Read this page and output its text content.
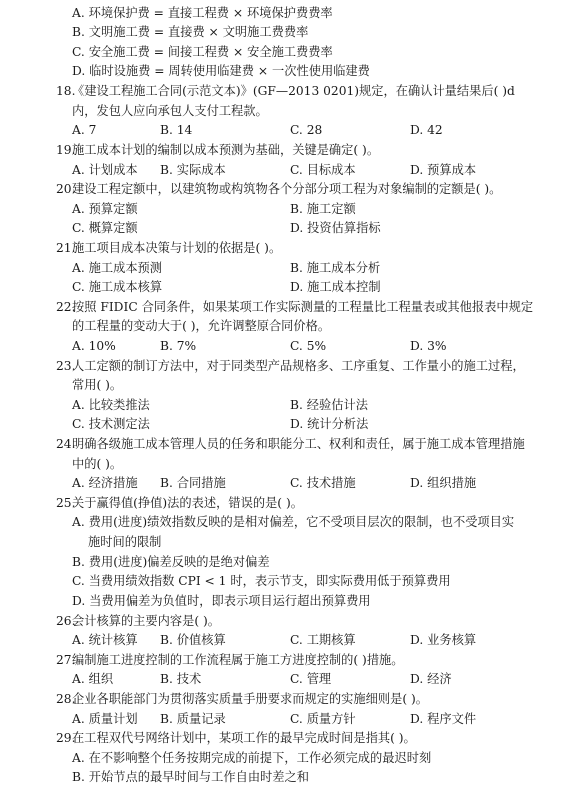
A. 环境保护费 = 直接工程费 × 环境保护费费率
B. 文明施工费 = 直接费 × 文明施工费费率
C. 安全施工费 = 间接工程费 × 安全施工费费率
D. 临时设施费 = 周转使用临建费 × 一次性使用临建费
18.《建设工程施工合同(示范文本)》(GF—2013 0201)规定，在确认计量结果后( )d
内，发包人应向承包人支付工程款。
A. 7	B. 14	C. 28	D. 42
19.施工成本计划的编制以成本预测为基础，关键是确定( )。
A. 计划成本 B. 实际成本	C. 目标成本	D. 预算成本
20.建设工程定额中，以建筑物或构筑物各个分部分项工程为对象编制的定额是( )。
A. 预算定额	B. 施工定额
C. 概算定额	D. 投资估算指标
21.施工项目成本决策与计划的依据是( )。
A. 施工成本预测	B. 施工成本分析
C. 施工成本核算	D. 施工成本控制
22.按照 FIDIC 合同条件，如果某项工作实际测量的工程量比工程量表或其他报表中规定
的工程量的变动大于( )，允许调整原合同价格。
A. 10%	B. 7%	C. 5%	D. 3%
23.人工定额的制订方法中，对于同类型产品规格多、工序重复、工作量小的施工过程，
常用( )。
A. 比较类推法	B. 经验估计法
C. 技术测定法	D. 统计分析法
24.明确各级施工成本管理人员的任务和职能分工、权利和责任，属于施工成本管理措施
中的( )。
A. 经济措施 B. 合同措施	C. 技术措施	D. 组织措施
25.关于赢得值(挣值)法的表述，错误的是( )。
A. 费用(进度)绩效指数反映的是相对偏差，它不受项目层次的限制，也不受项目实
施时间的限制
B. 费用(进度)偏差反映的是绝对偏差
C. 当费用绩效指数 CPI < 1 时，表示节支，即实际费用低于预算费用
D. 当费用偏差为负值时，即表示项目运行超出预算费用
26.会计核算的主要内容是( )。
A. 统计核算 B. 价值核算	C. 工期核算	D. 业务核算
27.编制施工进度控制的工作流程属于施工方进度控制的( )措施。
A. 组织	B. 技术	C. 管理	D. 经济
28.企业各职能部门为贯彻落实质量手册要求而规定的实施细则是( )。
A. 质量计划 B. 质量记录	C. 质量方针	D. 程序文件
29.在工程双代号网络计划中，某项工作的最早完成时间是指其( )。
A. 在不影响整个任务按期完成的前提下，工作必须完成的最迟时刻
B. 开始节点的最早时间与工作自由时差之和
